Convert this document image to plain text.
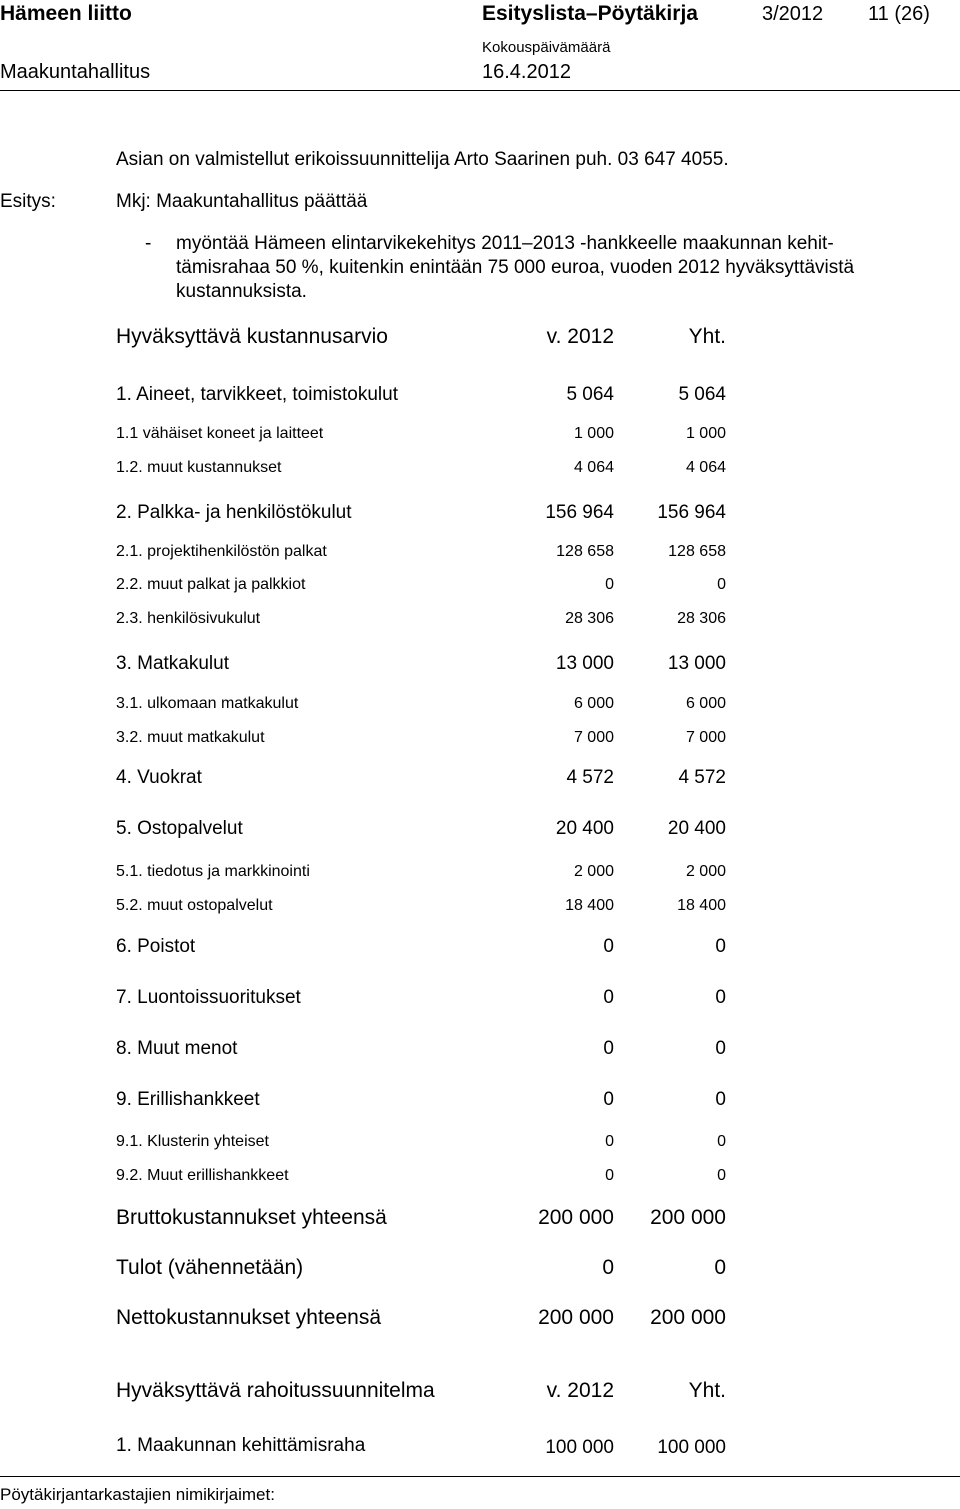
Hämeen liitto	Esityslista–Pöytäkirja	3/2012 11 (26)
Kokouspäivämäärä
Maakuntahallitus	16.4.2012
Asian on valmistellut erikoissuunnittelija Arto Saarinen puh. 03 647 4055.
Esitys:	Mkj: Maakuntahallitus päättää
- myöntää Hämeen elintarvikekehitys 2011–2013 -hankkeelle maakunnan kehit-
tämisrahaa 50 %, kuitenkin enintään 75 000 euroa, vuoden 2012 hyväksyttävistä
kustannuksista.
Hyväksyttävä kustannusarvio	v. 2012	Yht.
1. Aineet, tarvikkeet, toimistokulut	5 064	5 064
1.1 vähäiset koneet ja laitteet	1 000	1 000
1.2. muut kustannukset	4 064	4 064
2. Palkka- ja henkilöstökulut	156 964	156 964
2.1. projektihenkilöstön palkat	128 658	128 658
2.2. muut palkat ja palkkiot	0	0
2.3. henkilösivukulut	28 306	28 306
3. Matkakulut	13 000	13 000
3.1. ulkomaan matkakulut	6 000	6 000
3.2. muut matkakulut	7 000	7 000
4. Vuokrat	4 572	4 572
5. Ostopalvelut	20 400	20 400
5.1. tiedotus ja markkinointi	2 000	2 000
5.2. muut ostopalvelut	18 400	18 400
6. Poistot	0	0
7. Luontoissuoritukset	0	0
8. Muut menot	0	0
9. Erillishankkeet	0	0
9.1. Klusterin yhteiset	0	0
9.2. Muut erillishankkeet	0	0
Bruttokustannukset yhteensä	200 000	200 000
Tulot (vähennetään)	0	0
Nettokustannukset yhteensä	200 000	200 000
Hyväksyttävä rahoitussuunnitelma	v. 2012	Yht.
1. Maakunnan kehittämisraha	100 000	100 000
Pöytäkirjantarkastajien nimikirjaimet:
